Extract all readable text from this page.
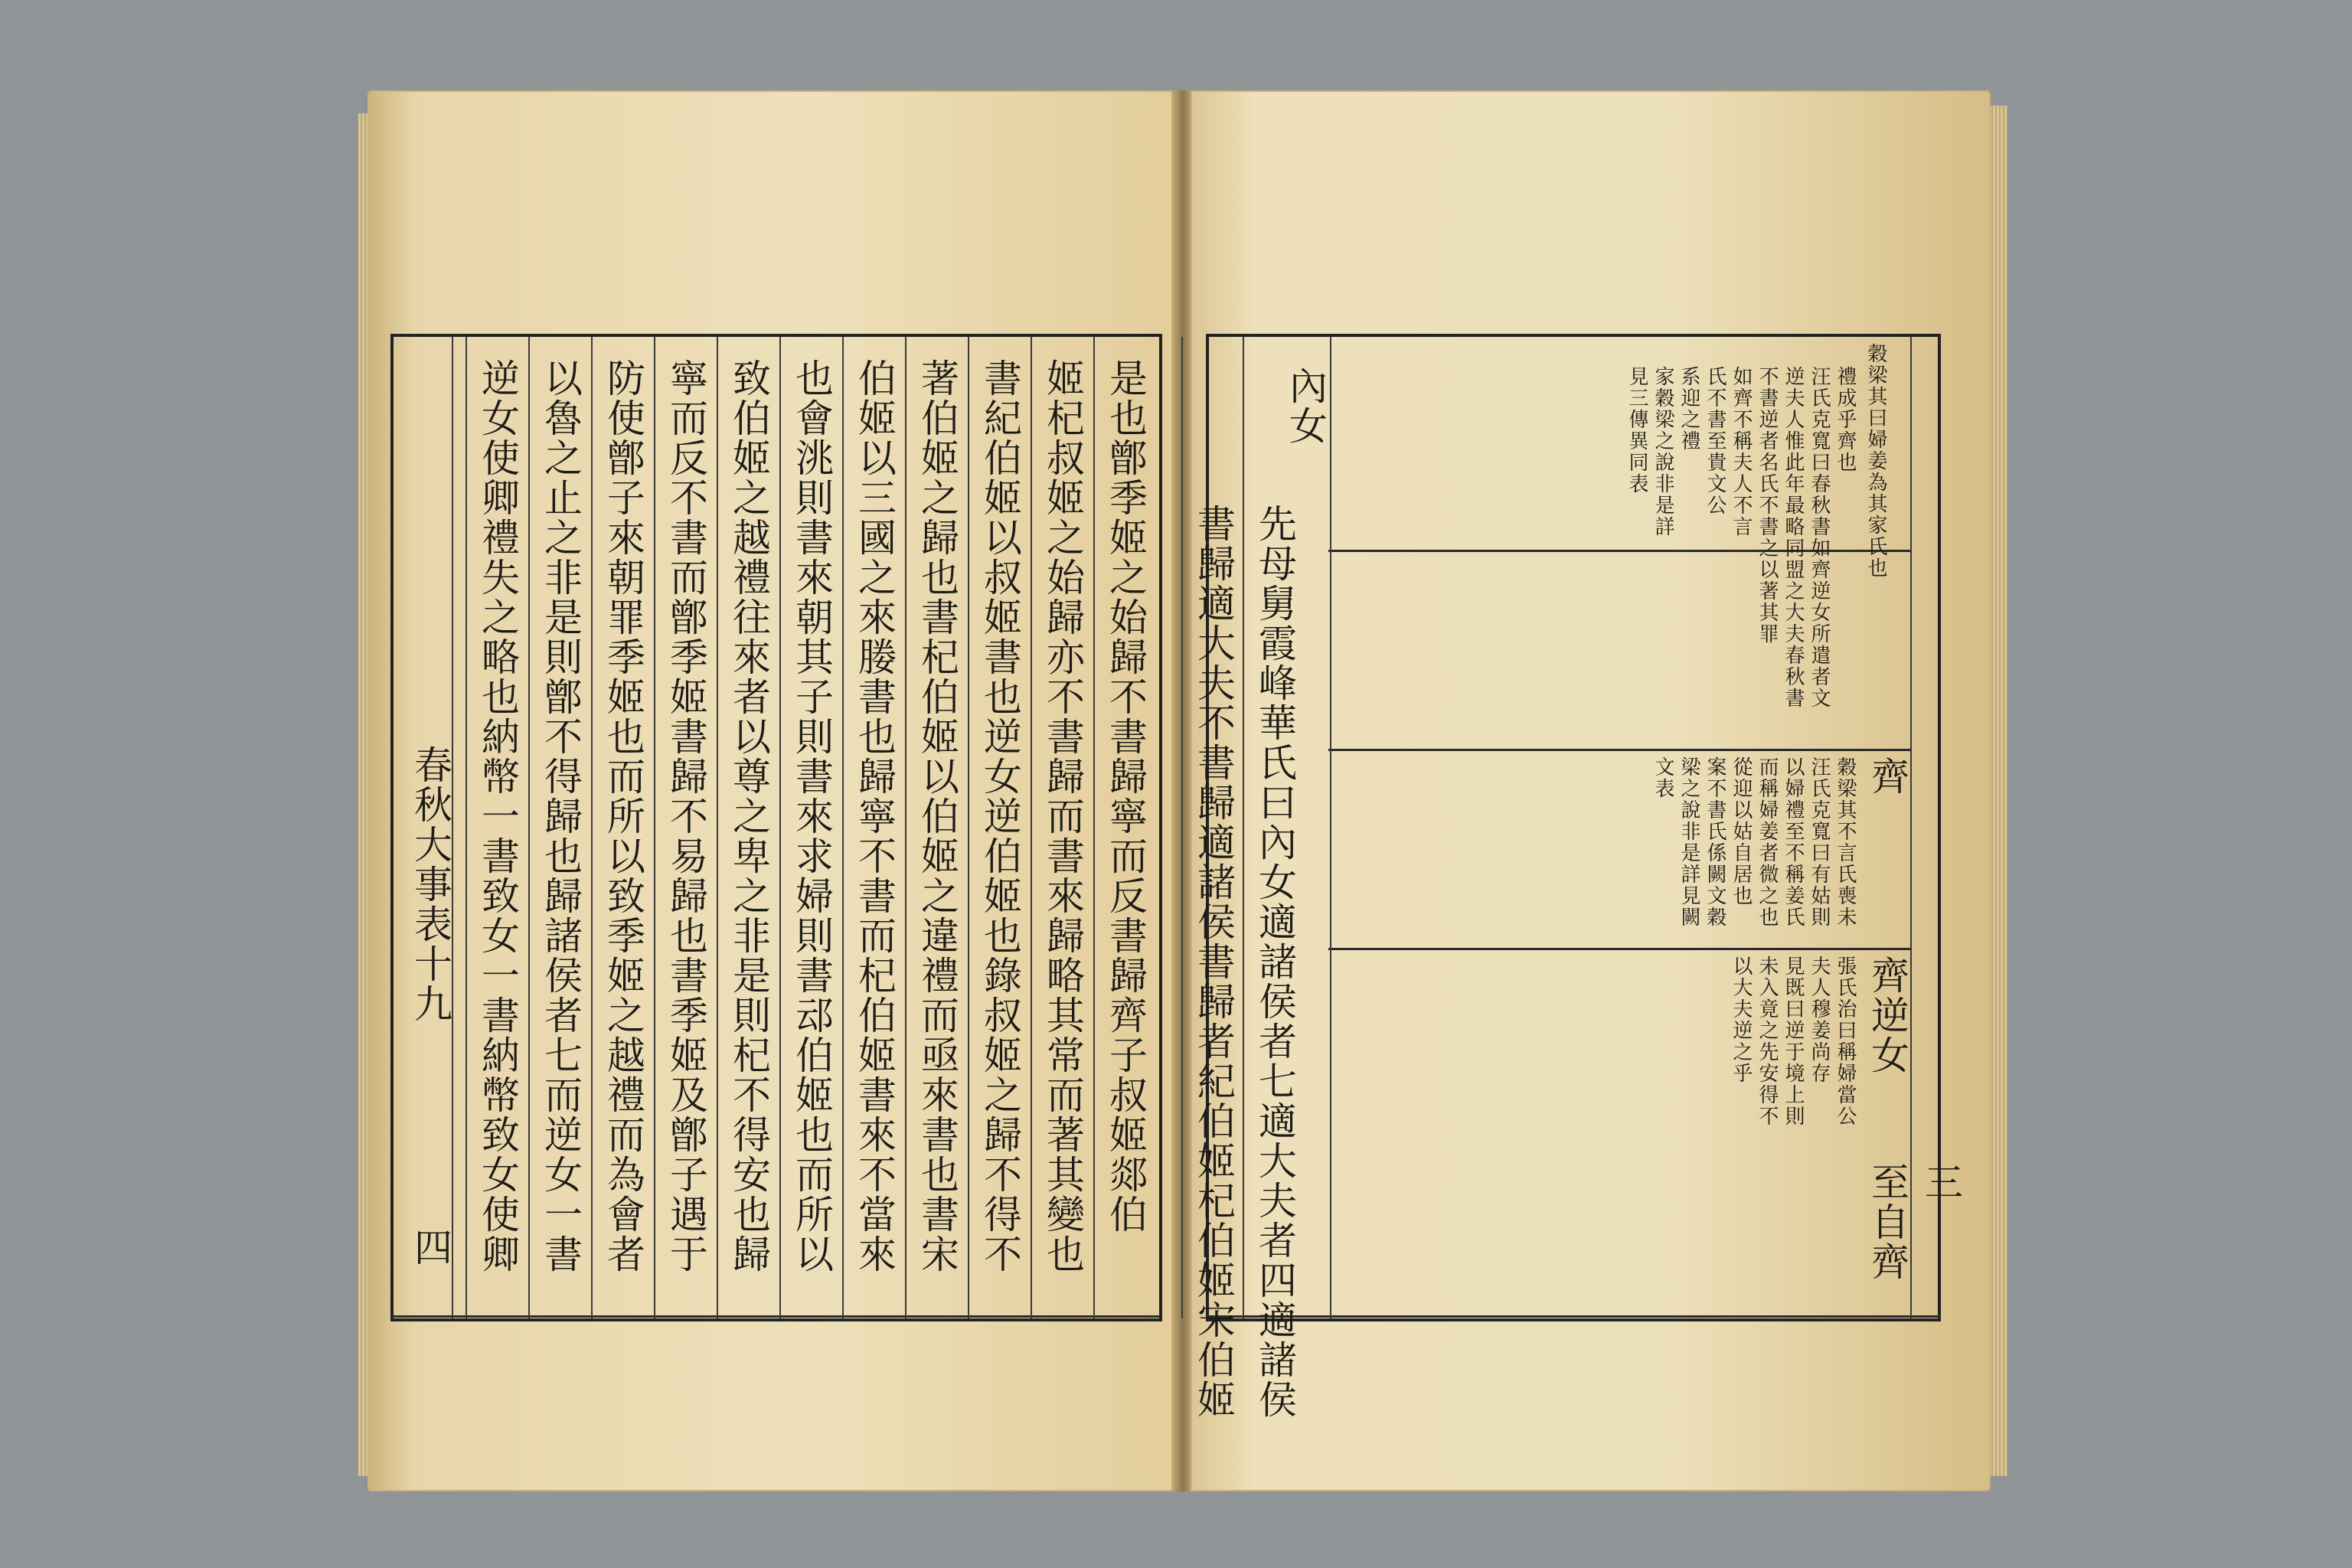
春秋大事表十九
四
是也鄫季姬之始歸不書歸寧而反書歸齊子叔姬郯伯
姬杞叔姬之始歸亦不書歸而書來歸略其常而著其變也
書紀伯姬以叔姬書也逆女逆伯姬也錄叔姬之歸不得不
著伯姬之歸也書杞伯姬以伯姬之違禮而亟來書也書宋
伯姬以三國之來媵書也歸寧不書而杞伯姬書來不當來
也會洮則書來朝其子則書來求婦則書䢵伯姬也而所以
致伯姬之越禮往來者以尊之卑之非是則杞不得安也歸
寧而反不書而鄫季姬書歸不易歸也書季姬及鄫子遇于
防使鄫子來朝罪季姬也而所以致季姬之越禮而為會者
以魯之止之非是則鄫不得歸也歸諸侯者七而逆女一書
逆女使卿禮失之略也納幣一書致女一書納幣致女使卿	三
內女
齊
齊逆女
至自齊
先母舅霞峰華氏曰內女適諸侯者七適大夫者四適諸侯
書歸適大夫不書歸適諸侯書歸者紀伯姬杞伯姬宋伯姬
穀梁其曰婦姜為其家氏也
禮成乎齊也
汪氏克寬曰春秋書如齊逆女所遣者文
逆夫人惟此年最略同盟之大夫春秋書
不書逆者名氏不書之以著其罪
如齊不稱夫人不言
氏不書至貴文公
系迎之禮
家穀梁之說非是詳
見三傳異同表
穀梁其不言氏喪未
汪氏克寬曰有姑則
以婦禮至不稱姜氏
而稱婦姜者微之也
從迎以姑自居也
案不書氏係闕文穀
梁之說非是詳見闕
文表
張氏治曰稱婦當公
夫人穆姜尚存
見既曰逆于境上則
未入竟之先安得不
以大夫逆之乎
